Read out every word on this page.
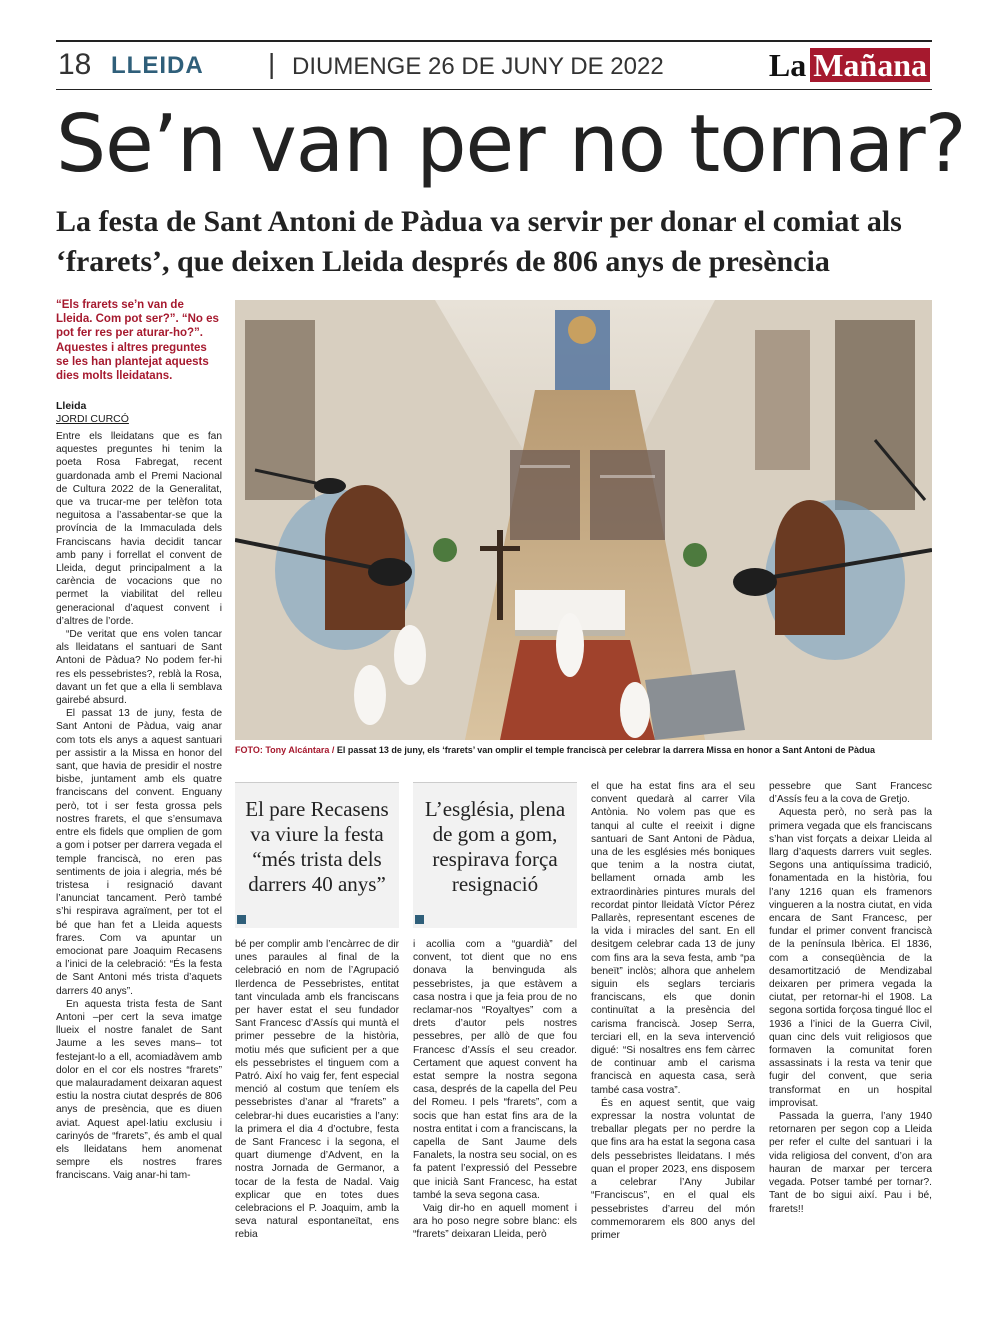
18 LLEIDA | DIUMENGE 26 DE JUNY DE 2022	La Mañana
Se’n van per no tornar?
La festa de Sant Antoni de Pàdua va servir per donar el comiat als ‘frarets’, que deixen Lleida després de 806 anys de presència
“Els frarets se’n van de Lleida. Com pot ser?”. “No es pot fer res per aturar-ho?”. Aquestes i altres preguntes se les han plantejat aquests dies molts lleidatans.
Lleida
JORDI CURCÓ

Entre els lleidatans que es fan aquestes preguntes hi tenim la poeta Rosa Fabregat, recent guardonada amb el Premi Nacional de Cultura 2022 de la Generalitat, que va trucar-me per telèfon tota neguitosa a l’assabentar-se que la província de la Immaculada dels Franciscans havia decidit tancar amb pany i forrellat el convent de Lleida, degut principalment a la carència de vocacions que no permet la viabilitat del relleu generacional d’aquest convent i d’altres de l’orde.

“De veritat que ens volen tancar als lleidatans el santuari de Sant Antoni de Pàdua? No podem fer-hi res els pessebristes?, reblà la Rosa, davant un fet que a ella li semblava gairebé absurd.

El passat 13 de juny, festa de Sant Antoni de Pàdua, vaig anar com tots els anys a aquest santuari per assistir a la Missa en honor del sant, que havia de presidir el nostre bisbe, juntament amb els quatre franciscans del convent. Enguany però, tot i ser festa grossa pels nostres frarets, el que s’ensumava entre els fidels que omplien de gom a gom i potser per darrera vegada el temple franciscà, no eren pas sentiments de joia i alegria, més bé tristesa i resignació davant l’anunciat tancament. Però també s’hi respirava agraïment, per tot el bé que han fet a Lleida aquests frares. Com va apuntar un emocionat pare Joaquim Recasens a l’inici de la celebració: “És la festa de Sant Antoni més trista d’aquets darrers 40 anys”.

En aquesta trista festa de Sant Antoni –per cert la seva imatge llueix el nostre fanalet de Sant Jaume a les seves mans– tot festejant-lo a ell, acomiadàvem amb dolor en el cor els nostres “frarets” que malauradament deixaran aquest estiu la nostra ciutat després de 806 anys de presència, que es diuen aviat. Aquest apel·latiu exclusiu i carinyós de “frarets”, és amb el qual els lleidatans hem anomenat sempre els nostres frares franciscans. Vaig anar-hi tam-

FOTO: Tony Alcántara / El passat 13 de juny, els ‘frarets’ van omplir el temple franciscà per celebrar la darrera Missa en honor a Sant Antoni de Pàdua
El pare Recasens va viure la festa “més trista dels darrers 40 anys”
L’església, plena de gom a gom, respirava força resignació

bé per complir amb l’encàrrec de dir unes paraules al final de la celebració en nom de l’Agrupació Ilerdenca de Pessebristes, entitat tant vinculada amb els franciscans per haver estat el seu fundador Sant Francesc d’Assís qui muntà el primer pessebre de la història, motiu més que suficient per a que els pessebristes el tinguem com a Patró. Així ho vaig fer, fent especial menció al costum que teníem els pessebristes d’anar al “frarets” a celebrar-hi dues eucaristies a l’any: la primera el dia 4 d’octubre, festa de Sant Francesc i la segona, el quart diumenge d’Advent, en la nostra Jornada de Germanor, a tocar de la festa de Nadal. Vaig explicar que en totes dues celebracions el P. Joaquim, amb la seva natural espontaneïtat, ens rebia

i acollia com a “guardià” del convent, tot dient que no ens donava la benvinguda als pessebristes, ja que estàvem a casa nostra i que ja feia prou de no reclamar-nos “Royaltyes” com a drets d’autor pels nostres pessebres, per allò de que fou Francesc d’Assís el seu creador. Certament que aquest convent ha estat sempre la nostra segona casa, després de la capella del Peu del Romeu. I pels “frarets”, com a socis que han estat fins ara de la nostra entitat i com a franciscans, la capella de Sant Jaume dels Fanalets, la nostra seu social, on es fa patent l’expressió del Pessebre que inicià Sant Francesc, ha estat també la seva segona casa.

Vaig dir-ho en aquell moment i ara ho poso negre sobre blanc: els “frarets” deixaran Lleida, però

el que ha estat fins ara el seu convent quedarà al carrer Vila Antònia. No volem pas que es tanqui al culte el reeixit i digne santuari de Sant Antoni de Pàdua, una de les esglésies més boniques que tenim a la nostra ciutat, bellament ornada amb les extraordinàries pintures murals del recordat pintor lleidatà Víctor Pérez Pallarès, representant escenes de la vida i miracles del sant. En ell desitgem celebrar cada 13 de juny com fins ara la seva festa, amb “pa beneït” inclòs; alhora que anhelem siguin els seglars terciaris franciscans, els que donin continuïtat a la presència del carisma franciscà. Josep Serra, terciari ell, en la seva intervenció digué: “Si nosaltres ens fem càrrec de continuar amb el carisma franciscà en aquesta casa, serà també casa vostra”.

És en aquest sentit, que vaig expressar la nostra voluntat de treballar plegats per no perdre la que fins ara ha estat la segona casa dels pessebristes lleidatans. I més quan el proper 2023, ens disposem a celebrar l’Any Jubilar “Franciscus”, en el qual els pessebristes d’arreu del món commemorarem els 800 anys del primer

pessebre que Sant Francesc d’Assís feu a la cova de Gretjo.

Aquesta però, no serà pas la primera vegada que els franciscans s’han vist forçats a deixar Lleida al llarg d’aquests darrers vuit segles. Segons una antiquíssima tradició, fonamentada en la història, fou l’any 1216 quan els framenors vingueren a la nostra ciutat, en vida encara de Sant Francesc, per fundar el primer convent franciscà de la península Ibèrica. El 1836, com a conseqüència de la desamortització de Mendizabal deixaren per primera vegada la ciutat, per retornar-hi el 1908. La segona sortida forçosa tingué lloc el 1936 a l’inici de la Guerra Civil, quan cinc dels vuit religiosos que formaven la comunitat foren assassinats i la resta va tenir que fugir del convent, que seria transformat en un hospital improvisat.

Passada la guerra, l’any 1940 retornaren per segon cop a Lleida per refer el culte del santuari i la vida religiosa del convent, d’on ara hauran de marxar per tercera vegada. Potser també per tornar?. Tant de bo sigui així. Pau i bé, frarets!!
